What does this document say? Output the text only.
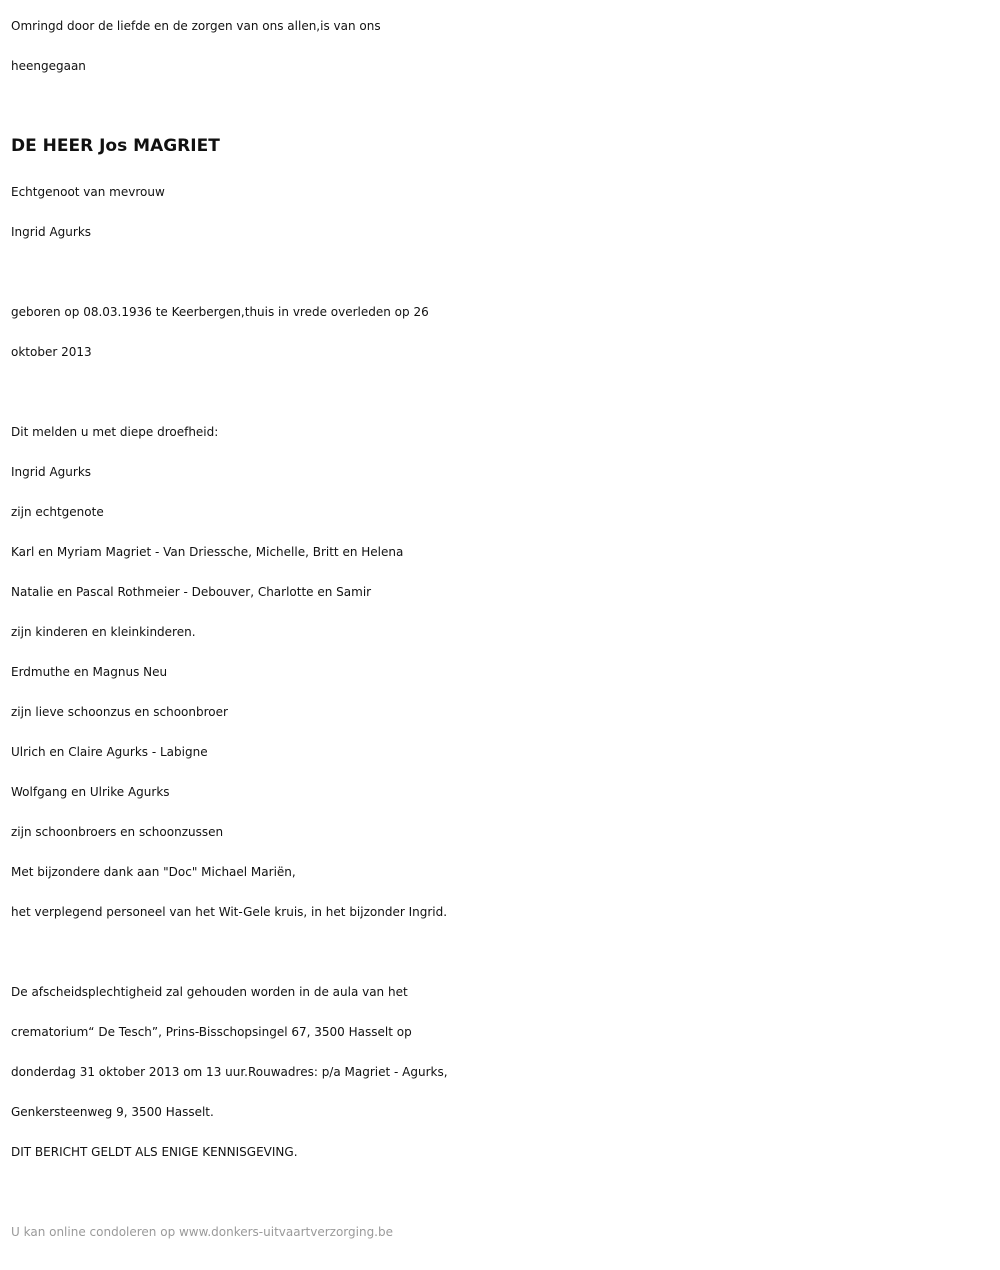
Omringd door de liefde en de zorgen van ons allen,is van ons
heengegaan
DE HEER Jos MAGRIET
Echtgenoot van mevrouw
Ingrid Agurks
geboren op 08.03.1936 te Keerbergen,thuis in vrede overleden op 26
oktober 2013
Dit melden u met diepe droefheid:
Ingrid Agurks
zijn echtgenote
Karl en Myriam Magriet - Van Driessche, Michelle, Britt en Helena
Natalie en Pascal Rothmeier - Debouver, Charlotte en Samir
zijn kinderen en kleinkinderen.
Erdmuthe en Magnus Neu
zijn lieve schoonzus en schoonbroer
Ulrich en Claire Agurks - Labigne
Wolfgang en Ulrike Agurks
zijn schoonbroers en schoonzussen
Met bijzondere dank aan "Doc" Michael Mariën,
het verplegend personeel van het Wit-Gele kruis, in het bijzonder Ingrid.
De afscheidsplechtigheid zal gehouden worden in de aula van het
crematorium“ De Tesch”, Prins-Bisschopsingel 67, 3500 Hasselt op
donderdag 31 oktober 2013 om 13 uur.Rouwadres: p/a Magriet - Agurks,
Genkersteenweg 9, 3500 Hasselt.
DIT BERICHT GELDT ALS ENIGE KENNISGEVING.
U kan online condoleren op www.donkers-uitvaartverzorging.be
